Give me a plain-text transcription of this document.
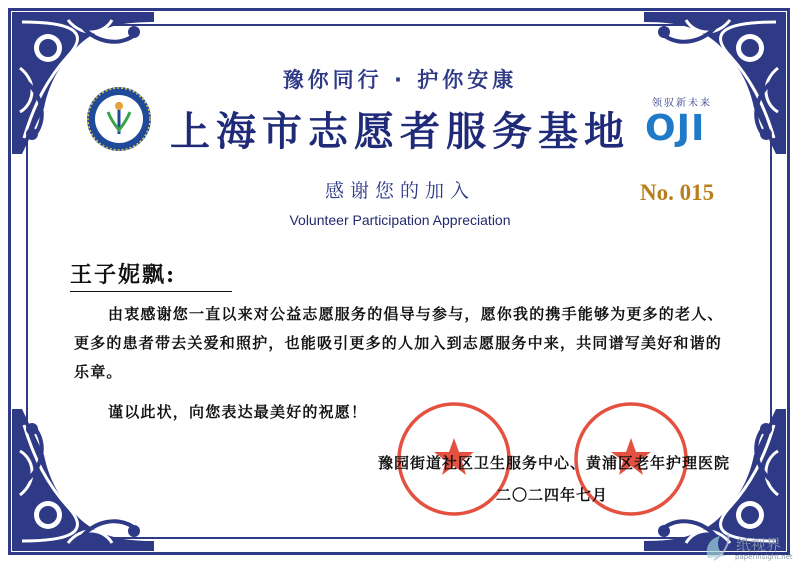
豫你同行 · 护你安康
上海市志愿者服务基地
领驭新未来
OJI
感谢您的加入
Volunteer Participation Appreciation
No. 015
王子妮飘:
由衷感谢您一直以来对公益志愿服务的倡导与参与，愿你我的携手能够为更多的老人、更多的患者带去关爱和照护，也能吸引更多的人加入到志愿服务中来，共同谱写美好和谐的乐章。
谨以此状，向您表达最美好的祝愿！
豫园街道社区卫生服务中心、黄浦区老年护理医院
二〇二四年七月
纸视界
paperinsight.net
